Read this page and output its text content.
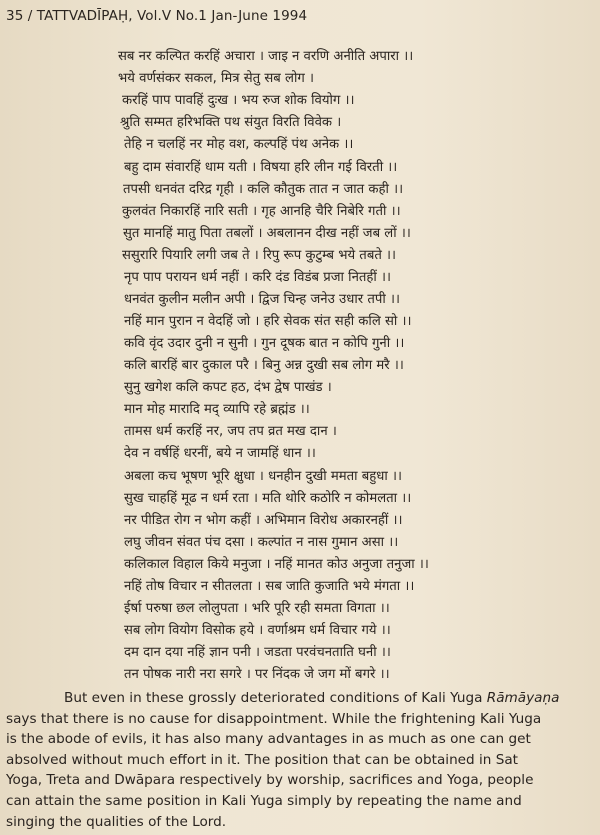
35 / TATTVADĪPAḤ, Vol.V No.1 Jan-June 1994
सब नर कल्पित करहिं अचारा । जाइ न वरणि अनीति अपारा ।।
भये वर्णसंकर सकल, मित्र सेतु सब लोग ।
करहिं पाप पावहिं दुःख । भय रुज शोक वियोग ।।
श्रुति सम्मत हरिभक्ति पथ संयुत विरति विवेक ।
तेहि न चलहिं नर मोह वश, कल्पहिं पंथ अनेक ।।
बहु दाम संवारहिं धाम यती । विषया हरि लीन गई विरती ।।
तपसी धनवंत दरिद्र गृही । कलि कौतुक तात न जात कही ।।
कुलवंत निकारहिं नारि सती । गृह आनहि चैरि निबेरि गती ।।
सुत मानहिं मातु पिता तबलों । अबलानन दीख नहीं जब लों ।।
ससुरारि पियारि लगी जब ते । रिपु रूप कुटुम्ब भये तबते ।।
नृप पाप परायन धर्म नहीं । करि दंड विडंब प्रजा नितहीं ।।
धनवंत कुलीन मलीन अपी । द्विज चिन्ह जनेउ उधार तपी ।।
नहिं मान पुरान न वेदहिं जो । हरि सेवक संत सही कलि सो ।।
कवि वृंद उदार दुनी न सुनी । गुन दूषक बात न कोपि गुनी ।।
कलि बारहिं बार दुकाल परै । बिनु अन्न दुखी सब लोग मरै ।।
सुनु खगेश कलि कपट हठ, दंभ द्वेष पाखंड ।
मान मोह मारादि मद् व्यापि रहे ब्रह्मंड ।।
तामस धर्म करहिं नर, जप तप व्रत मख दान ।
देव न वर्षहिं धरनीं, बये न जामहिं धान ।।
अबला कच भूषण भूरि क्षुधा । धनहीन दुखी ममता बहुधा ।।
सुख चाहहिं मूढ न धर्म रता । मति थोरि कठोरि न कोमलता ।।
नर पीडित रोग न भोग कहीं । अभिमान विरोध अकारनहीं ।।
लघु जीवन संवत पंच दसा । कल्पांत न नास गुमान असा ।।
कलिकाल विहाल किये मनुजा । नहिं मानत कोउ अनुजा तनुजा ।।
नहिं तोष विचार न सीतलता । सब जाति कुजाति भये मंगता ।।
ईर्षा परुषा छल लोलुपता । भरि पूरि रही समता विगता ।।
सब लोग वियोग विसोक हये । वर्णाश्रम धर्म विचार गये ।।
दम दान दया नहिं ज्ञान पनी । जडता परवंचनताति घनी ।।
तन पोषक नारी नरा सगरे । पर निंदक जे जग मों बगरे ।।
But even in these grossly deteriorated conditions of Kali Yuga Rāmāyaṇa
says that there is no cause for disappointment. While the frightening Kali Yuga
is the abode of evils, it has also many advantages in as much as one can get
absolved without much effort in it. The position that can be obtained in Sat
Yoga, Treta and Dwāpara respectively by worship, sacrifices and Yoga, people
can attain the same position in Kali Yuga simply by repeating the name and
singing the qualities of the Lord.
